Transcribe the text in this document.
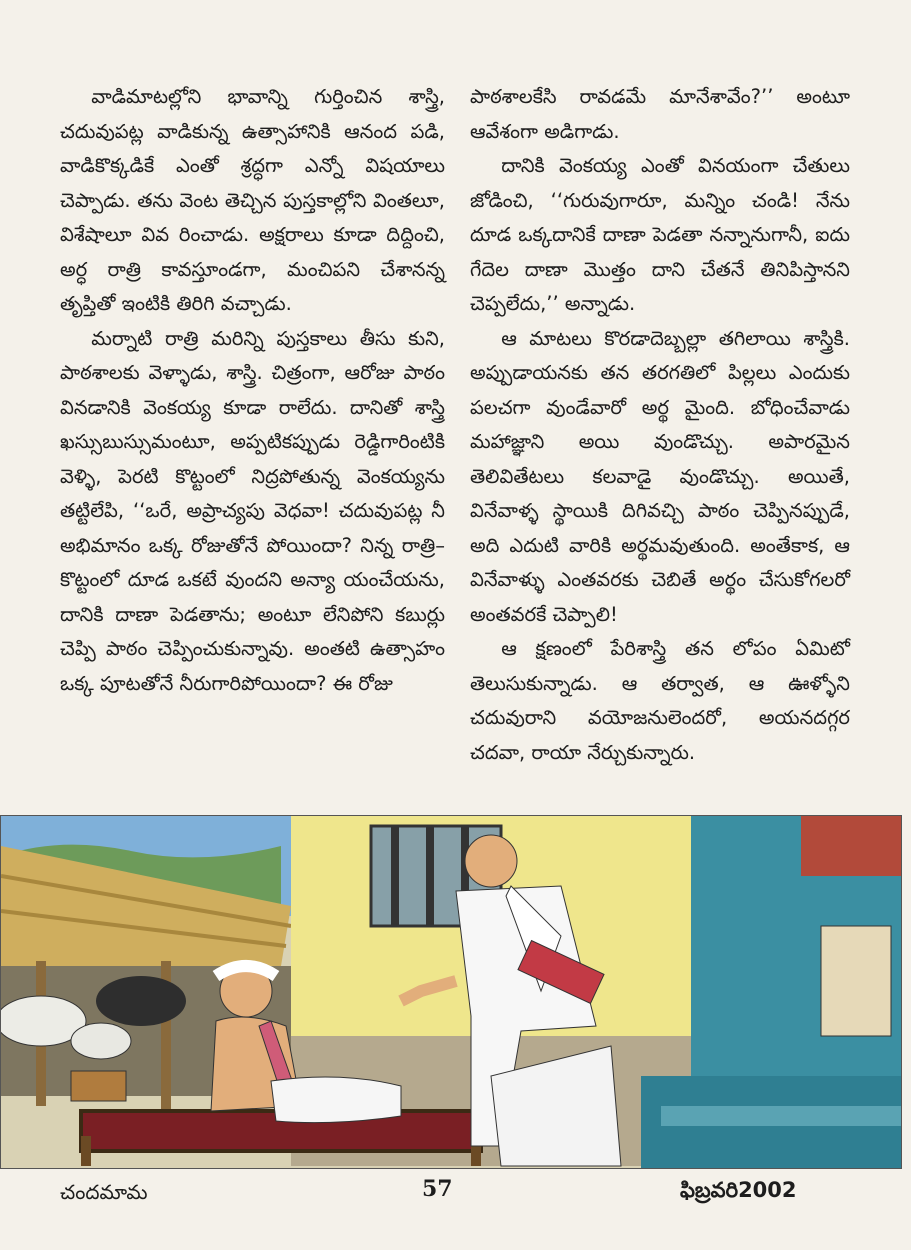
వాడిమాటల్లోని భావాన్ని గుర్తించిన శాస్త్రి, చదువుపట్ల వాడికున్న ఉత్సాహానికి ఆనంద పడి, వాడికొక్కడికే ఎంతో శ్రద్ధగా ఎన్నో విషయాలు చెప్పాడు. తను వెంట తెచ్చిన పుస్తకాల్లోని వింతలూ, విశేషాలూ వివ రించాడు. అక్షరాలు కూడా దిద్దించి, అర్ధ రాత్రి కావస్తూండగా, మంచిపని చేశానన్న తృప్తితో ఇంటికి తిరిగి వచ్చాడు.

మర్నాటి రాత్రి మరిన్ని పుస్తకాలు తీసు కుని, పాఠశాలకు వెళ్ళాడు, శాస్త్రి. చిత్రంగా, ఆరోజు పాఠం వినడానికి వెంకయ్య కూడా రాలేదు. దానితో శాస్త్రి ఖస్సుబుస్సుమంటూ, అప్పటికప్పుడు రెడ్డిగారింటికి వెళ్ళి, పెరటి కొట్టంలో నిద్రపోతున్న వెంకయ్యను తట్టిలేపి, ‘‘ఒరే, అప్రాచ్యపు వెధవా! చదువుపట్ల నీ అభిమానం ఒక్క రోజుతోనే పోయిందా? నిన్న రాత్రి–కొట్టంలో దూడ ఒకటే వుందని అన్యా యంచేయను, దానికి దాణా పెడతాను; అంటూ లేనిపోని కబుర్లు చెప్పి పాఠం చెప్పించుకున్నావు. అంతటి ఉత్సాహం ఒక్క పూటతోనే నీరుగారిపోయిందా? ఈ రోజు

పాఠశాలకేసి రావడమే మానేశావేం?’’ అంటూ ఆవేశంగా అడిగాడు.

దానికి వెంకయ్య ఎంతో వినయంగా చేతులు జోడించి, ‘‘గురువుగారూ, మన్నిం చండి! నేను దూడ ఒక్కదానికే దాణా పెడతా నన్నానుగానీ, ఐదు గేదెల దాణా మొత్తం దాని చేతనే తినిపిస్తానని చెప్పలేదు,’’ అన్నాడు.

ఆ మాటలు కొరడాదెబ్బల్లా తగిలాయి శాస్త్రికి. అప్పుడాయనకు తన తరగతిలో పిల్లలు ఎందుకు పలచగా వుండేవారో అర్థ మైంది. బోధించేవాడు మహాజ్ఞాని అయి వుండొచ్చు. అపారమైన తెలివితేటలు కలవాడై వుండొచ్చు. అయితే, వినేవాళ్ళ స్థాయికి దిగివచ్చి పాఠం చెప్పినప్పుడే, అది ఎదుటి వారికి అర్థమవుతుంది. అంతేకాక, ఆ వినేవాళ్ళు ఎంతవరకు చెబితే అర్థం చేసుకోగలరో అంతవరకే చెప్పాలి!

ఆ క్షణంలో పేరిశాస్త్రి తన లోపం ఏమిటో తెలుసుకున్నాడు. ఆ తర్వాత, ఆ ఊళ్ళోని చదువురాని వయోజనులెందరో, అయనదగ్గర చదవా, రాయా నేర్చుకున్నారు.

చందమామ	57	ఫిబ్రవరి2002
